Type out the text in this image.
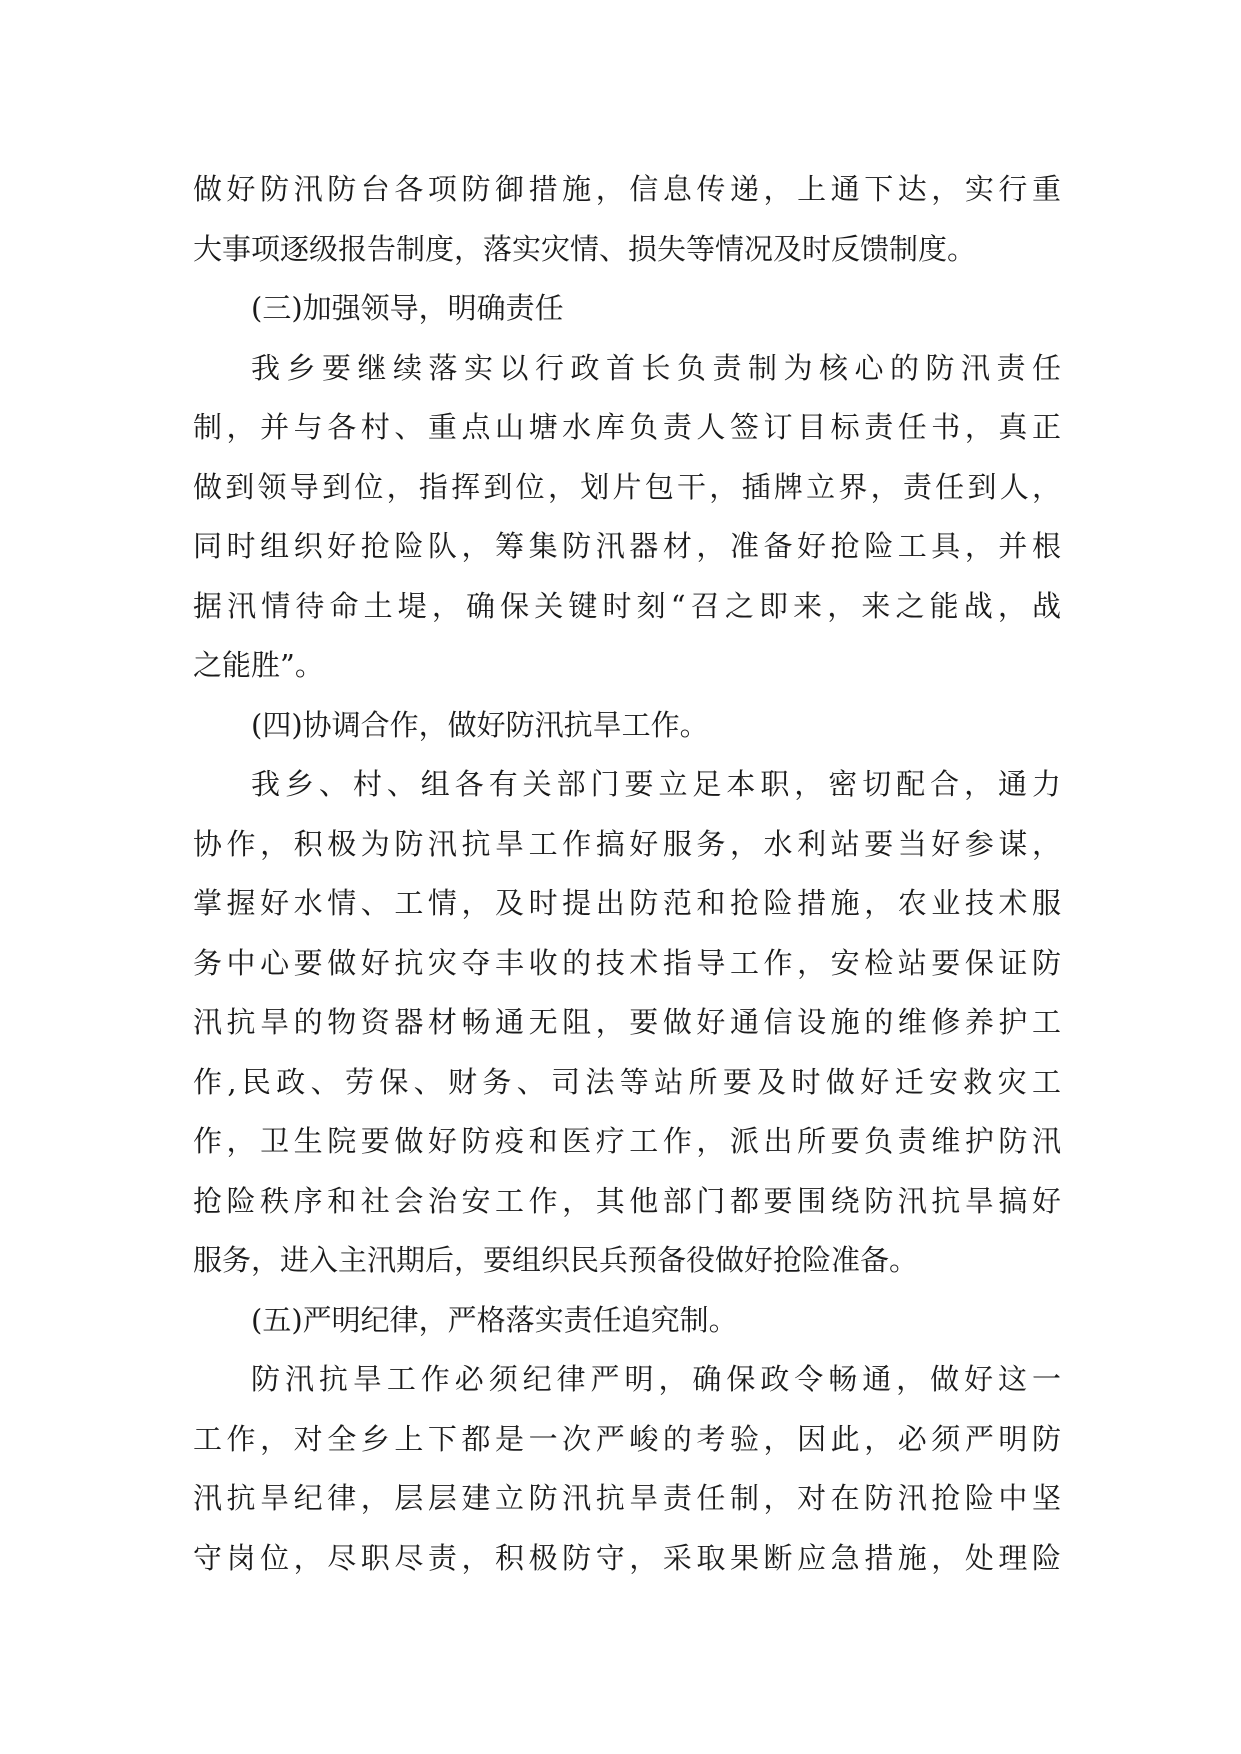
做好防汛防台各项防御措施，信息传递，上通下达，实行重
大事项逐级报告制度，落实灾情、损失等情况及时反馈制度。
(三)加强领导，明确责任
我乡要继续落实以行政首长负责制为核心的防汛责任
制，并与各村、重点山塘水库负责人签订目标责任书，真正
做到领导到位，指挥到位，划片包干，插牌立界，责任到人，
同时组织好抢险队，筹集防汛器材，准备好抢险工具，并根
据汛情待命土堤，确保关键时刻“召之即来，来之能战，战
之能胜”。
(四)协调合作，做好防汛抗旱工作。
我乡、村、组各有关部门要立足本职，密切配合，通力
协作，积极为防汛抗旱工作搞好服务，水利站要当好参谋，
掌握好水情、工情，及时提出防范和抢险措施，农业技术服
务中心要做好抗灾夺丰收的技术指导工作，安检站要保证防
汛抗旱的物资器材畅通无阻，要做好通信设施的维修养护工
作,民政、劳保、财务、司法等站所要及时做好迁安救灾工
作，卫生院要做好防疫和医疗工作，派出所要负责维护防汛
抢险秩序和社会治安工作，其他部门都要围绕防汛抗旱搞好
服务，进入主汛期后，要组织民兵预备役做好抢险准备。
(五)严明纪律，严格落实责任追究制。
防汛抗旱工作必须纪律严明，确保政令畅通，做好这一
工作，对全乡上下都是一次严峻的考验，因此，必须严明防
汛抗旱纪律，层层建立防汛抗旱责任制，对在防汛抢险中坚
守岗位，尽职尽责，积极防守，采取果断应急措施，处理险
